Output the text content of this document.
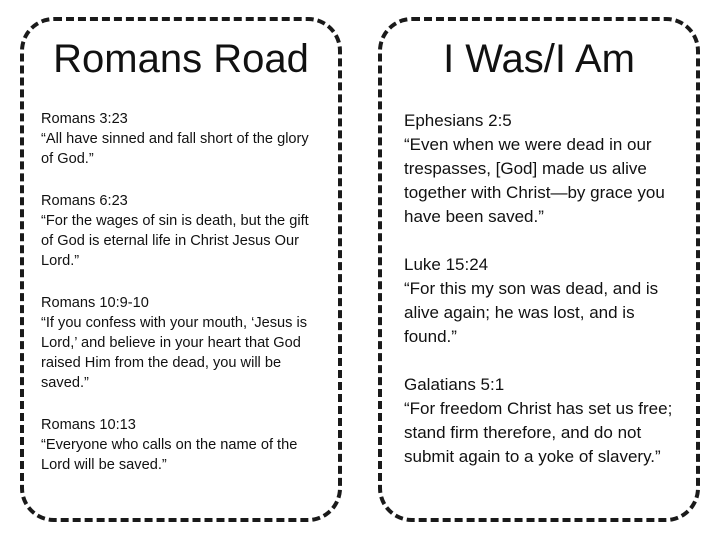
Romans Road

Romans 3:23
“All have sinned and fall short of the glory of God.”

Romans 6:23
“For the wages of sin is death, but the gift of God is eternal life in Christ Jesus Our Lord.”

Romans 10:9-10
“If you confess with your mouth, ‘Jesus is Lord,’ and believe in your heart that God raised Him from the dead, you will be saved.”

Romans 10:13
“Everyone who calls on the name of the Lord will be saved.”

I Was/I Am

Ephesians 2:5
“Even when we were dead in our trespasses, [God] made us alive together with Christ—by grace you have been saved.”

Luke 15:24
“For this my son was dead, and is alive again; he was lost, and is found.”

Galatians 5:1
“For freedom Christ has set us free; stand firm therefore, and do not submit again to a yoke of slavery.”
